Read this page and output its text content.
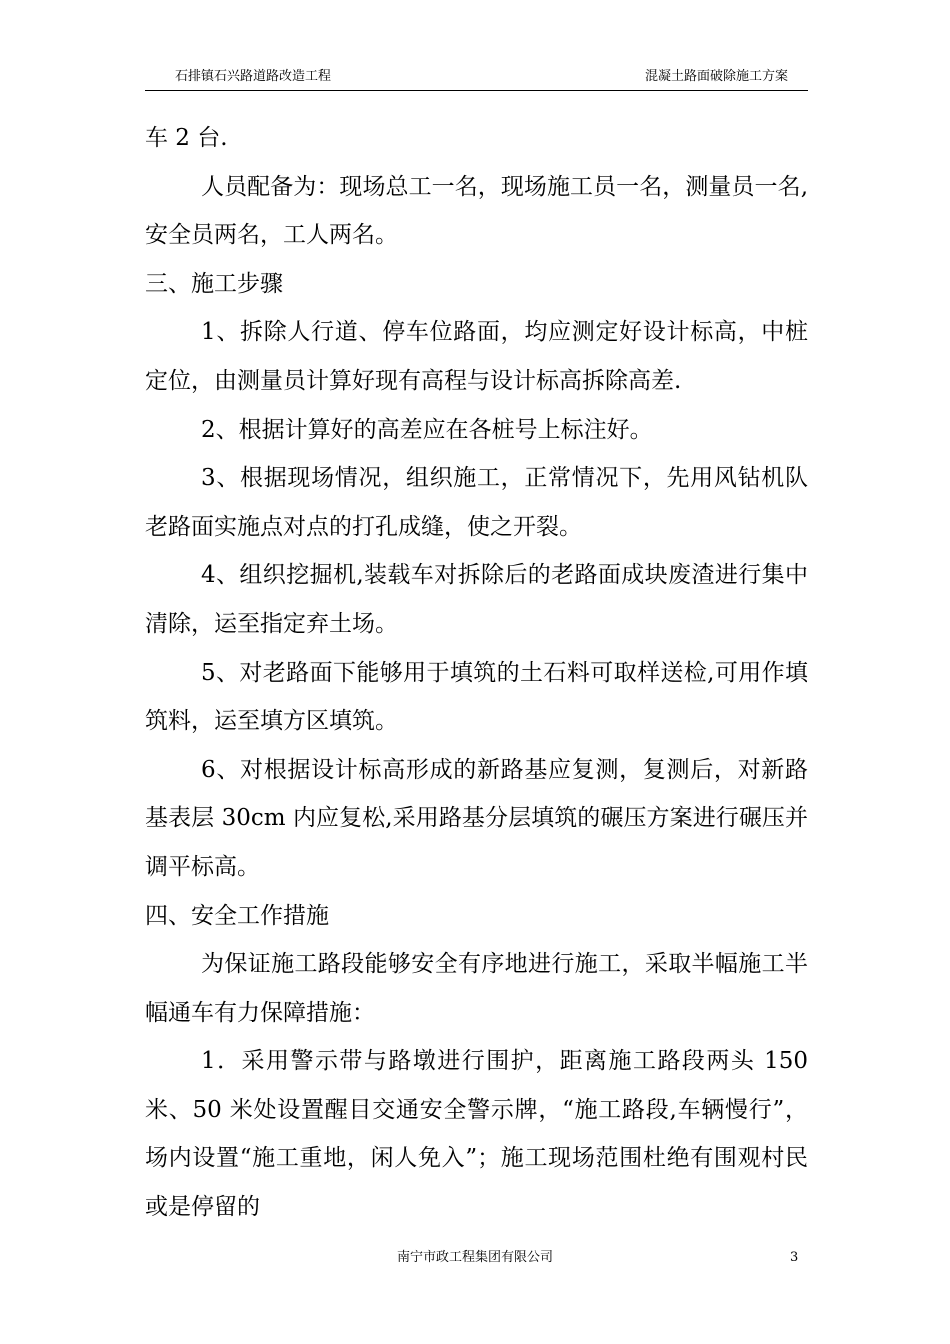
石排镇石兴路道路改造工程	混凝土路面破除施工方案

车 2 台.

人员配备为：现场总工一名，现场施工员一名，测量员一名,安全员两名，工人两名。

三、施工步骤

1、拆除人行道、停车位路面，均应测定好设计标高，中桩定位，由测量员计算好现有高程与设计标高拆除高差.

2、根据计算好的高差应在各桩号上标注好。

3、根据现场情况，组织施工，正常情况下，先用风钻机队老路面实施点对点的打孔成缝，使之开裂。

4、组织挖掘机,装载车对拆除后的老路面成块废渣进行集中清除，运至指定弃土场。

5、对老路面下能够用于填筑的土石料可取样送检,可用作填筑料，运至填方区填筑。

6、对根据设计标高形成的新路基应复测，复测后，对新路基表层 30cm 内应复松,采用路基分层填筑的碾压方案进行碾压并调平标高。

四、安全工作措施

为保证施工路段能够安全有序地进行施工，采取半幅施工半幅通车有力保障措施：

1．采用警示带与路墩进行围护，距离施工路段两头 150 米、50 米处设置醒目交通安全警示牌，“施工路段,车辆慢行”，场内设置“施工重地，闲人免入”；施工现场范围杜绝有围观村民或是停留的

南宁市政工程集团有限公司	3
